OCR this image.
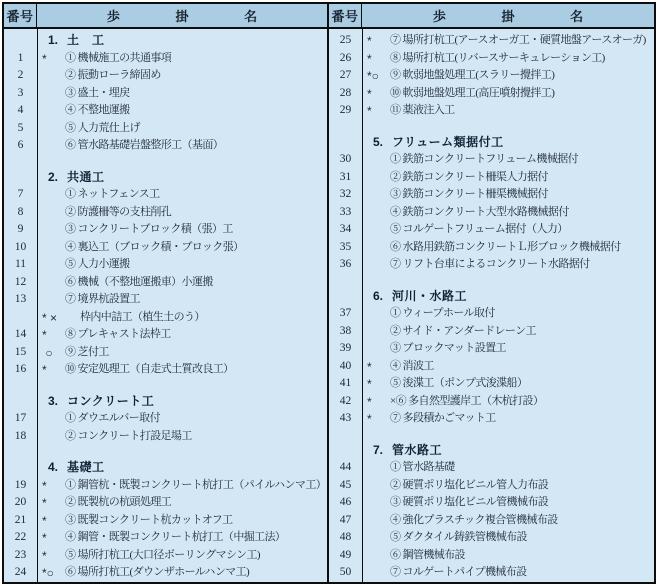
番号	歩 掛 名
1. 土　工
1	*	① 機械施工の共通事項
2	② 振動ローラ締固め
3	③ 盛土・埋戻
4	④ 不整地運搬
5	⑤ 人力荒仕上げ
6	⑥ 管水路基礎岩盤整形工（基面）
2. 共通工
7	① ネットフェンス工
8	② 防護柵等の支柱削孔
9	③ コンクリートブロック積（張）工
10	④ 裏込工（ブロック積・ブロック張）
11	⑤ 人力小運搬
12	⑥ 機械（不整地運搬車）小運搬
13	⑦ 境界杭設置工
* ×	枠内中詰工（植生土のう）
14	*	⑧ プレキャスト法枠工
15	○	⑨ 芝付工
16	*	⑩ 安定処理工（自走式土質改良工）
3. コンクリート工
17	① ダウエルバー取付
18	② コンクリート打設足場工
4. 基礎工
19	*	① 鋼管杭・既製コンクリート杭打工（パイルハンマ工）
20	*	② 既製杭の杭頭処理工
21	*	③ 既製コンクリート杭カットオフ工
22	*	④ 鋼管・既製コンクリート杭打工（中掘工法）
23	*	⑤ 場所打杭工(大口径ボーリングマシン工)
24	*○	⑥ 場所打杭工(ダウンザホールハンマ工)
番号	歩 掛 名
25	*	⑦ 場所打杭工(アースオーガ工・硬質地盤アースオーガ)
26	*	⑧ 場所打杭工(リバースサーキュレーション工)
27	*○	⑨ 軟弱地盤処理工(スラリー攪拌工)
28	*	⑩ 軟弱地盤処理工(高圧噴射攪拌工)
29	*	⑪ 薬液注入工
5. フリューム類据付工
30	① 鉄筋コンクリートフリューム機械据付
31	② 鉄筋コンクリート柵渠人力据付
32	③ 鉄筋コンクリート柵渠機械据付
33	④ 鉄筋コンクリート大型水路機械据付
34	⑤ コルゲートフリューム据付（人力）
35	⑥ 水路用鉄筋コンクリートＬ形ブロック機械据付
36	⑦ リフト台車によるコンクリート水路据付
6. 河川・水路工
37	① ウィープホール取付
38	② サイド・アンダードレーン工
39	③ ブロックマット設置工
40	*	④ 消波工
41	*	⑤ 浚渫工（ポンプ式浚渫船）
42	*	×⑥ 多自然型護岸工（木杭打設）
43	*	⑦ 多段積かごマット工
7. 管水路工
44	① 管水路基礎
45	② 硬質ポリ塩化ビニル管人力布設
46	③ 硬質ポリ塩化ビニル管機械布設
47	④ 強化プラスチック複合管機械布設
48	⑤ ダクタイル鋳鉄管機械布設
49	⑥ 鋼管機械布設
50	⑦ コルゲートパイプ機械布設
